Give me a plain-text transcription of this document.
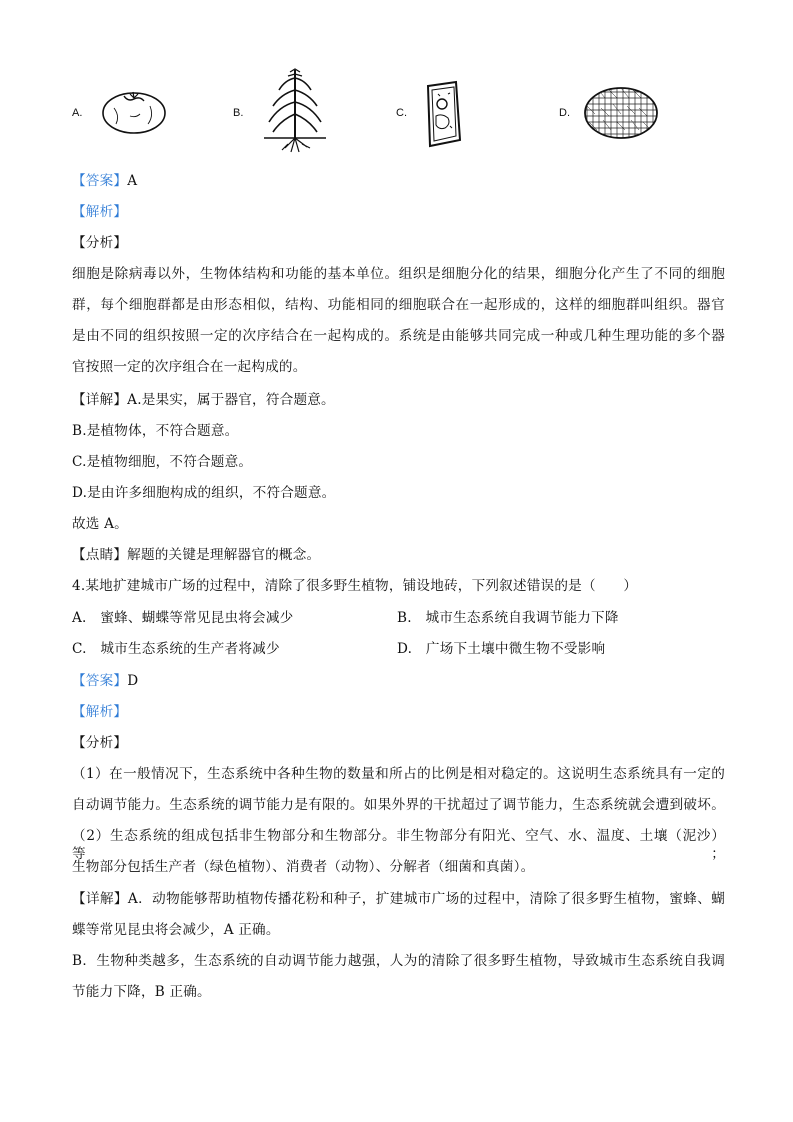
A.	B.	C.	D.
【答案】A
【解析】
【分析】
细胞是除病毒以外，生物体结构和功能的基本单位。组织是细胞分化的结果，细胞分化产生了不同的细胞
群，每个细胞群都是由形态相似，结构、功能相同的细胞联合在一起形成的，这样的细胞群叫组织。器官
是由不同的组织按照一定的次序结合在一起构成的。系统是由能够共同完成一种或几种生理功能的多个器
官按照一定的次序组合在一起构成的。
【详解】A.是果实，属于器官，符合题意。
B.是植物体，不符合题意。
C.是植物细胞，不符合题意。
D.是由许多细胞构成的组织，不符合题意。
故选 A。
【点睛】解题的关键是理解器官的概念。
4.某地扩建城市广场的过程中，清除了很多野生植物，铺设地砖，下列叙述错误的是（　　）
A.　蜜蜂、蝴蝶等常见昆虫将会减少	B.　城市生态系统自我调节能力下降
C.　城市生态系统的生产者将减少	D.　广场下土壤中微生物不受影响
【答案】D
【解析】
【分析】
（1）在一般情况下，生态系统中各种生物的数量和所占的比例是相对稳定的。这说明生态系统具有一定的
自动调节能力。生态系统的调节能力是有限的。如果外界的干扰超过了调节能力，生态系统就会遭到破坏。
（2）生态系统的组成包括非生物部分和生物部分。非生物部分有阳光、空气、水、温度、土壤（泥沙）等；
生物部分包括生产者（绿色植物）、消费者（动物）、分解者（细菌和真菌）。
【详解】A．动物能够帮助植物传播花粉和种子，扩建城市广场的过程中，清除了很多野生植物，蜜蜂、蝴
蝶等常见昆虫将会减少，A 正确。
B．生物种类越多，生态系统的自动调节能力越强，人为的清除了很多野生植物，导致城市生态系统自我调
节能力下降，B 正确。
